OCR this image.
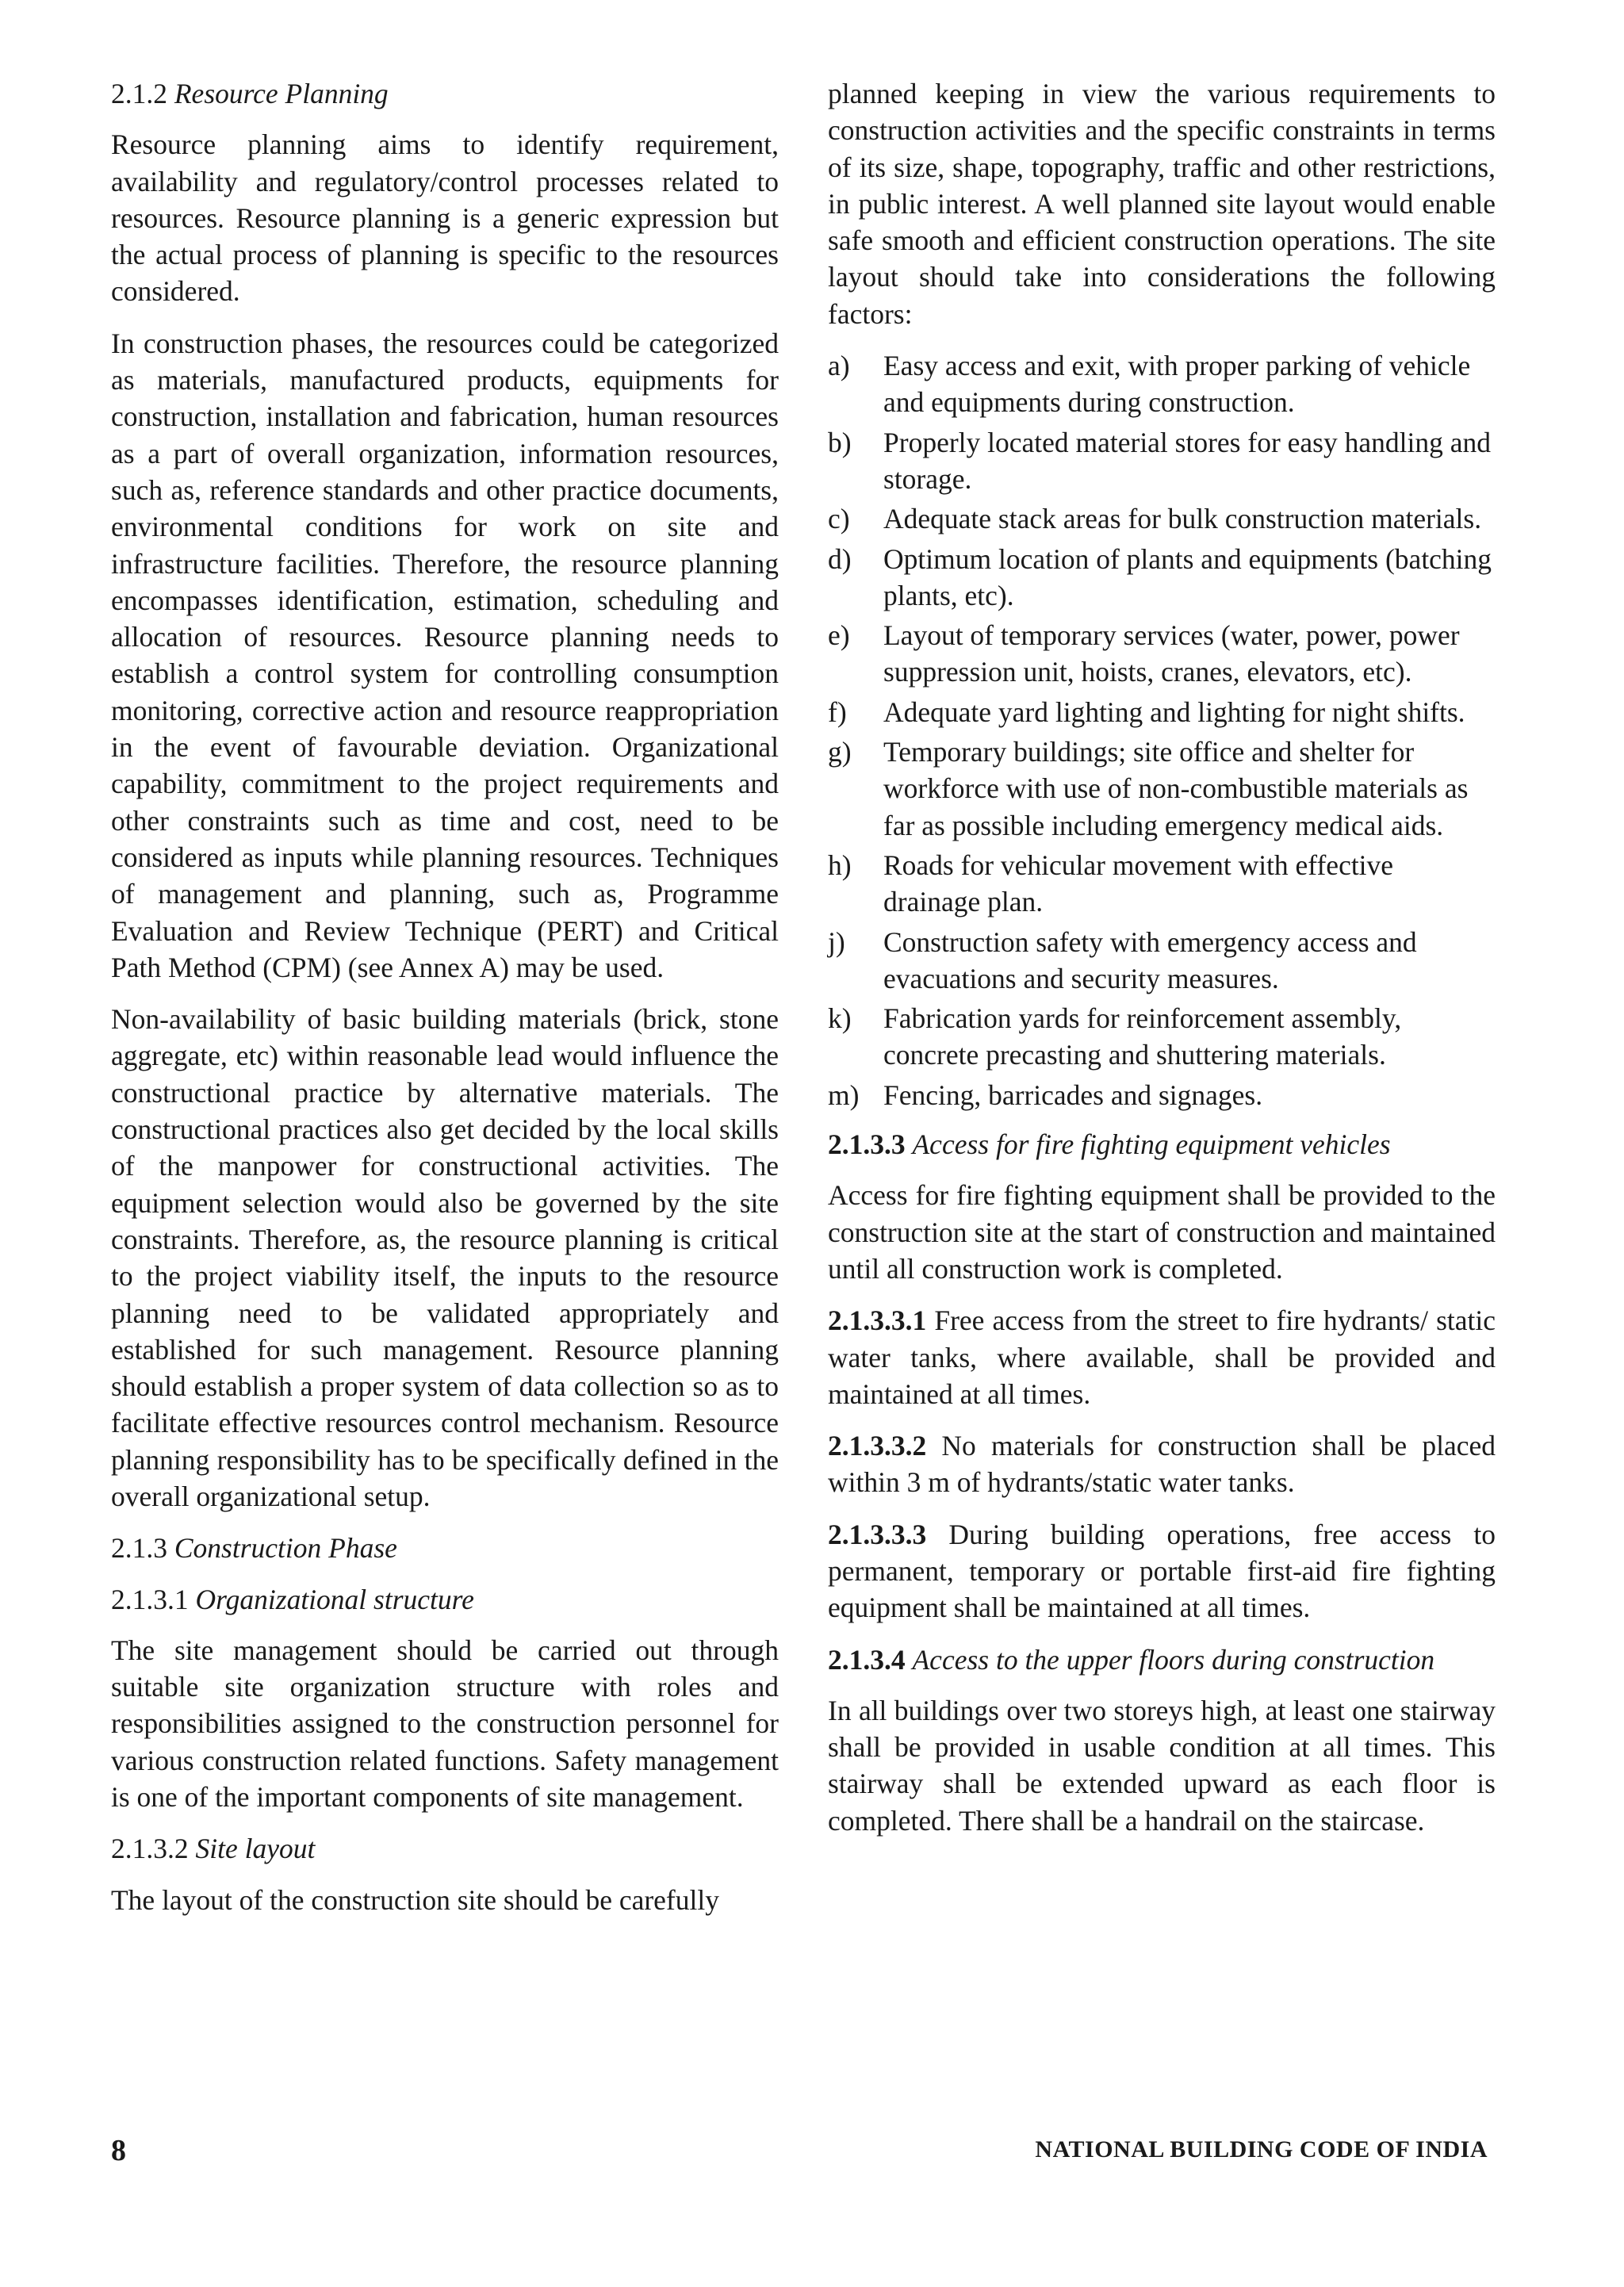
2.1.2 Resource Planning

Resource planning aims to identify requirement, availability and regulatory/control processes related to resources. Resource planning is a generic expression but the actual process of planning is specific to the resources considered.

In construction phases, the resources could be categorized as materials, manufactured products, equipments for construction, installation and fabrication, human resources as a part of overall organization, information resources, such as, reference standards and other practice documents, environmental conditions for work on site and infrastructure facilities. Therefore, the resource planning encompasses identification, estimation, scheduling and allocation of resources. Resource planning needs to establish a control system for controlling consumption monitoring, corrective action and resource reappropriation in the event of favourable deviation. Organizational capability, commitment to the project requirements and other constraints such as time and cost, need to be considered as inputs while planning resources. Techniques of management and planning, such as, Programme Evaluation and Review Technique (PERT) and Critical Path Method (CPM) (see Annex A) may be used.

Non-availability of basic building materials (brick, stone aggregate, etc) within reasonable lead would influence the constructional practice by alternative materials. The constructional practices also get decided by the local skills of the manpower for constructional activities. The equipment selection would also be governed by the site constraints. Therefore, as, the resource planning is critical to the project viability itself, the inputs to the resource planning need to be validated appropriately and established for such management. Resource planning should establish a proper system of data collection so as to facilitate effective resources control mechanism. Resource planning responsibility has to be specifically defined in the overall organizational setup.

2.1.3 Construction Phase
2.1.3.1 Organizational structure

The site management should be carried out through suitable site organization structure with roles and responsibilities assigned to the construction personnel for various construction related functions. Safety management is one of the important components of site management.

2.1.3.2 Site layout

The layout of the construction site should be carefully

planned keeping in view the various requirements to construction activities and the specific constraints in terms of its size, shape, topography, traffic and other restrictions, in public interest. A well planned site layout would enable safe smooth and efficient construction operations. The site layout should take into considerations the following factors:

a)	Easy access and exit, with proper parking of vehicle and equipments during construction.
b)	Properly located material stores for easy handling and storage.
c)	Adequate stack areas for bulk construction materials.
d)	Optimum location of plants and equipments (batching plants, etc).
e)	Layout of temporary services (water, power, power suppression unit, hoists, cranes, elevators, etc).
f)	Adequate yard lighting and lighting for night shifts.
g)	Temporary buildings; site office and shelter for workforce with use of non-combustible materials as far as possible including emergency medical aids.
h)	Roads for vehicular movement with effective drainage plan.
j)	Construction safety with emergency access and evacuations and security measures.
k)	Fabrication yards for reinforcement assembly, concrete precasting and shuttering materials.
m) Fencing, barricades and signages.
2.1.3.3 Access for fire fighting equipment vehicles

Access for fire fighting equipment shall be provided to the construction site at the start of construction and maintained until all construction work is completed.

2.1.3.3.1 Free access from the street to fire hydrants/ static water tanks, where available, shall be provided and maintained at all times.

2.1.3.3.2 No materials for construction shall be placed within 3 m of hydrants/static water tanks.

2.1.3.3.3 During building operations, free access to permanent, temporary or portable first-aid fire fighting equipment shall be maintained at all times.

2.1.3.4 Access to the upper floors during construction

In all buildings over two storeys high, at least one stairway shall be provided in usable condition at all times. This stairway shall be extended upward as each floor is completed. There shall be a handrail on the staircase.

8	NATIONAL BUILDING CODE OF INDIA
